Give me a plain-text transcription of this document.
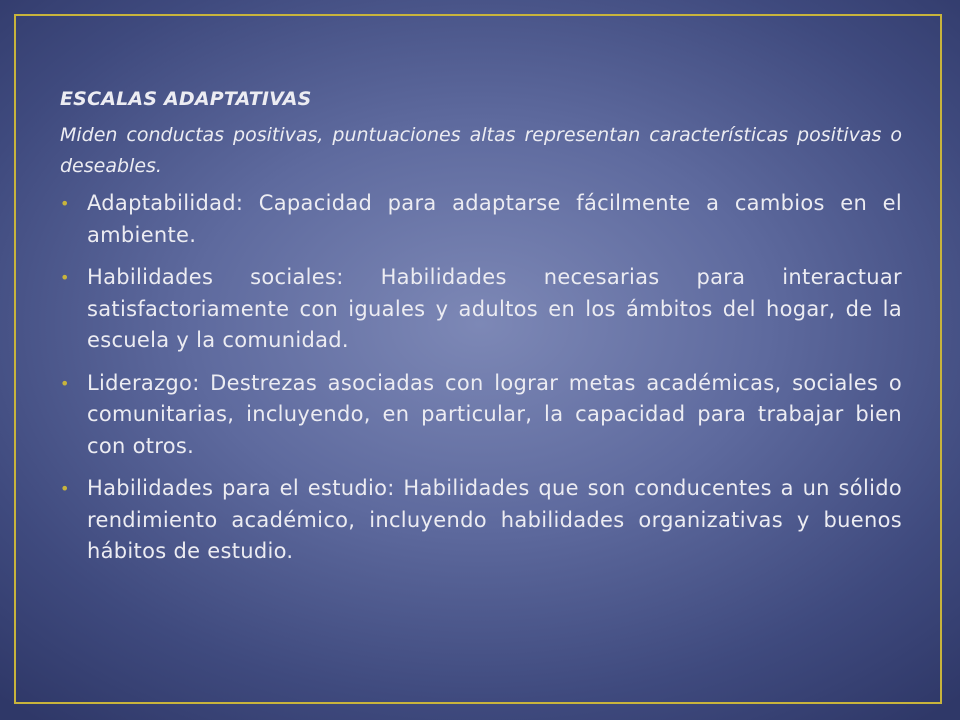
ESCALAS ADAPTATIVAS
Miden conductas positivas, puntuaciones altas representan características positivas o deseables.
• Adaptabilidad: Capacidad para adaptarse fácilmente a cambios en el ambiente.
• Habilidades sociales: Habilidades necesarias para interactuar satisfactoriamente con iguales y adultos en los ámbitos del hogar, de la escuela y la comunidad.
• Liderazgo: Destrezas asociadas con lograr metas académicas, sociales o comunitarias, incluyendo, en particular, la capacidad para trabajar bien con otros.
• Habilidades para el estudio: Habilidades que son conducentes a un sólido rendimiento académico, incluyendo habilidades organizativas y buenos hábitos de estudio.
